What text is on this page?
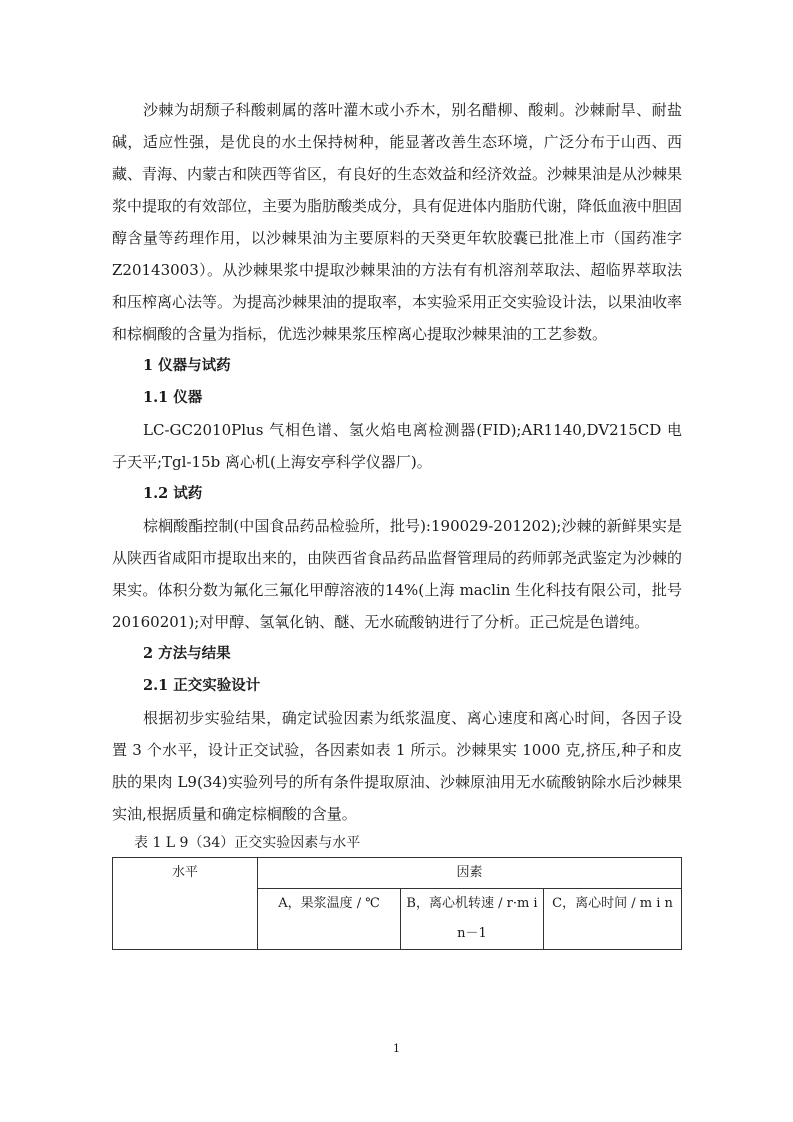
沙棘为胡颓子科酸刺属的落叶灌木或小乔木，别名醋柳、酸刺。沙棘耐旱、耐盐碱，适应性强，是优良的水土保持树种，能显著改善生态环境，广泛分布于山西、西藏、青海、内蒙古和陕西等省区，有良好的生态效益和经济效益。沙棘果油是从沙棘果浆中提取的有效部位，主要为脂肪酸类成分，具有促进体内脂肪代谢，降低血液中胆固醇含量等药理作用，以沙棘果油为主要原料的天癸更年软胶囊已批准上市（国药准字Z20143003）。从沙棘果浆中提取沙棘果油的方法有有机溶剂萃取法、超临界萃取法和压榨离心法等。为提高沙棘果油的提取率，本实验采用正交实验设计法，以果油收率和棕榈酸的含量为指标，优选沙棘果浆压榨离心提取沙棘果油的工艺参数。

1 仪器与试药
1.1 仪器

LC-GC2010Plus 气相色谱、氢火焰电离检测器(FID);AR1140,DV215CD 电子天平;Tgl-15b 离心机(上海安亭科学仪器厂)。

1.2 试药

棕榈酸酯控制(中国食品药品检验所，批号):190029-201202);沙棘的新鲜果实是从陕西省咸阳市提取出来的，由陕西省食品药品监督管理局的药师郭尧武鉴定为沙棘的果实。体积分数为氟化三氟化甲醇溶液的14%(上海 maclin 生化科技有限公司，批号 20160201);对甲醇、氢氧化钠、醚、无水硫酸钠进行了分析。正己烷是色谱纯。

2 方法与结果
2.1 正交实验设计

根据初步实验结果，确定试验因素为纸浆温度、离心速度和离心时间，各因子设置 3 个水平，设计正交试验，各因素如表 1 所示。沙棘果实 1000 克,挤压,种子和皮肤的果肉 L9(34)实验列号的所有条件提取原油、沙棘原油用无水硫酸钠除水后沙棘果实油,根据质量和确定棕榈酸的含量。

表 1 L 9（34）正交实验因素与水平
水平	因素		
	A，果浆温度 / ℃	B，离心机转速 / r·m i n－1	C，离心时间 / m i n
1
